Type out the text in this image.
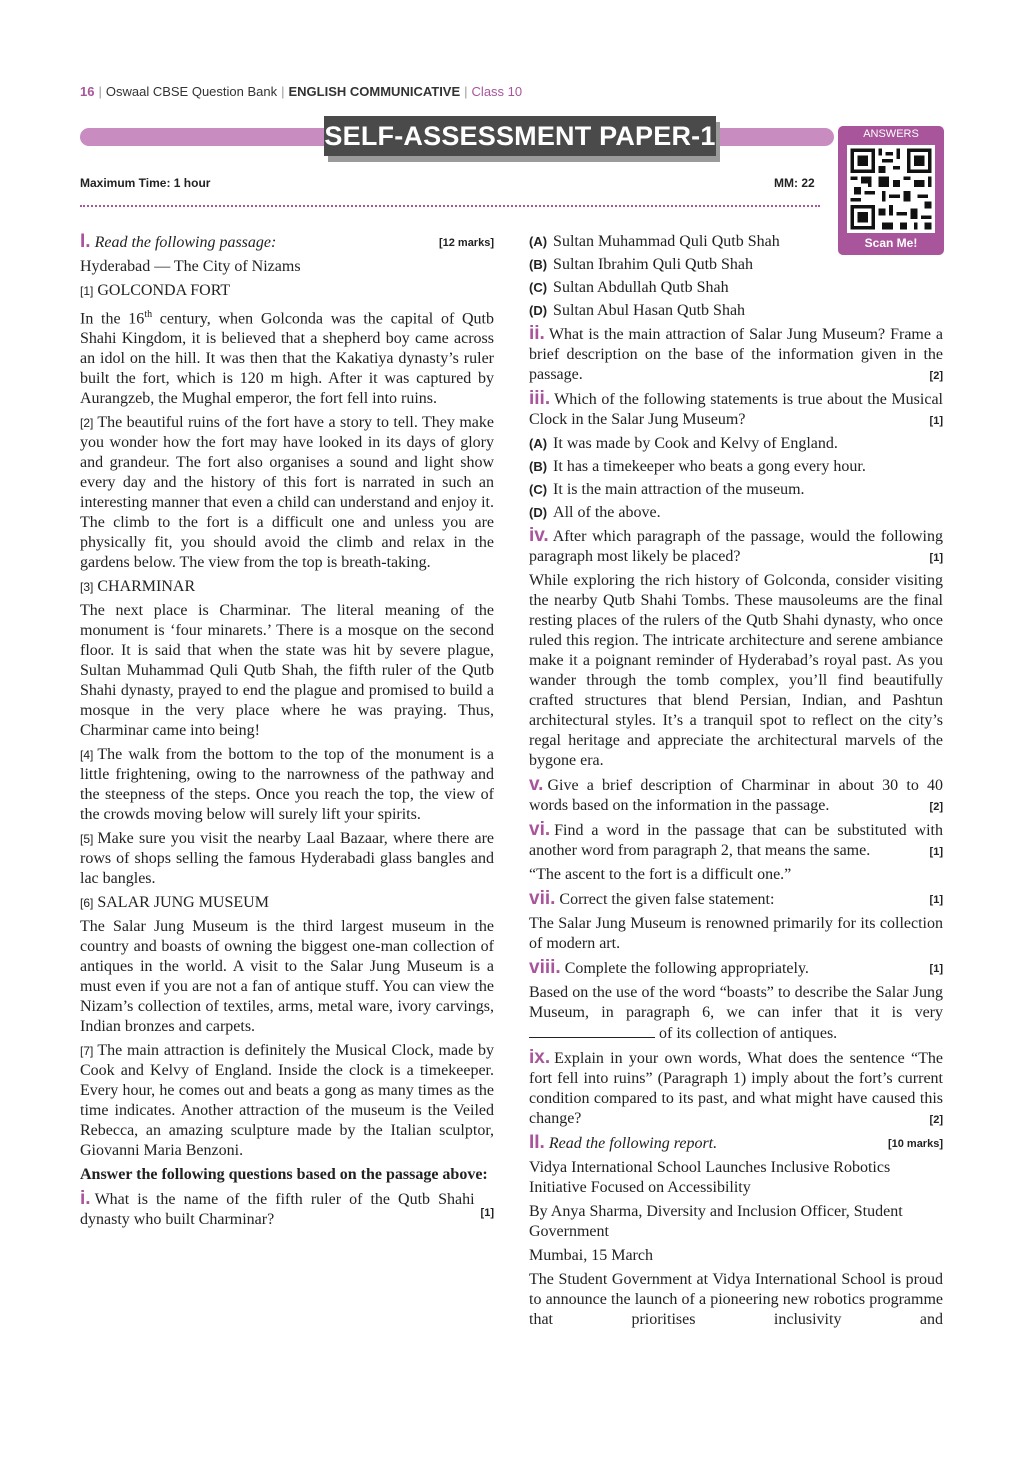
16 | Oswaal CBSE Question Bank | ENGLISH COMMUNICATIVE | Class 10
SELF-ASSESSMENT PAPER-1	ANSWERS
Scan Me!
Maximum Time: 1 hour	MM: 22

[12 marks]
I. Read the following passage:

Hyderabad — The City of Nizams

[1] GOLCONDA FORT

In the 16th century, when Golconda was the capital of Qutb Shahi Kingdom, it is believed that a shepherd boy came across an idol on the hill. It was then that the Kakatiya dynasty’s ruler built the fort, which is 120 m high. After it was captured by Aurangzeb, the Mughal emperor, the fort fell into ruins.

[2] The beautiful ruins of the fort have a story to tell. They make you wonder how the fort may have looked in its days of glory and grandeur. The fort also organises a sound and light show every day and the history of this fort is narrated in such an interesting manner that even a child can understand and enjoy it. The climb to the fort is a difficult one and unless you are physically fit, you should avoid the climb and relax in the gardens below. The view from the top is breath-taking.

[3] CHARMINAR

The next place is Charminar. The literal meaning of the monument is ‘four minarets.’ There is a mosque on the second floor. It is said that when the state was hit by severe plague, Sultan Muhammad Quli Qutb Shah, the fifth ruler of the Qutb Shahi dynasty, prayed to end the plague and promised to build a mosque in the very place where he was praying. Thus, Charminar came into being!

[4] The walk from the bottom to the top of the monument is a little frightening, owing to the narrowness of the pathway and the steepness of the steps. Once you reach the top, the view of the crowds moving below will surely lift your spirits.

[5] Make sure you visit the nearby Laal Bazaar, where there are rows of shops selling the famous Hyderabadi glass bangles and lac bangles.

[6] SALAR JUNG MUSEUM

The Salar Jung Museum is the third largest museum in the country and boasts of owning the biggest one-man collection of antiques in the world. A visit to the Salar Jung Museum is a must even if you are not a fan of antique stuff. You can view the Nizam’s collection of textiles, arms, metal ware, ivory carvings, Indian bronzes and carpets.

[7] The main attraction is definitely the Musical Clock, made by Cook and Kelvy of England. Inside the clock is a timekeeper. Every hour, he comes out and beats a gong as many times as the time indicates. Another attraction of the museum is the Veiled Rebecca, an amazing sculpture made by the Italian sculptor, Giovanni Maria Benzoni.

Answer the following questions based on the passage above:

[1]
i. What is the name of the fifth ruler of the Qutb Shahi dynasty who built Charminar?

(A) Sultan Muhammad Quli Qutb Shah

(B) Sultan Ibrahim Quli Qutb Shah

(C) Sultan Abdullah Qutb Shah

(D) Sultan Abul Hasan Qutb Shah

ii. What is the main attraction of Salar Jung Museum? Frame a brief description on the base of the information given in the passage.	[2]

iii. Which of the following statements is true about the Musical Clock in the Salar Jung Museum?	[1]

(A) It was made by Cook and Kelvy of England.

(B) It has a timekeeper who beats a gong every hour.

(C) It is the main attraction of the museum.

(D) All of the above.

iv. After which paragraph of the passage, would the following paragraph most likely be placed?	[1]

While exploring the rich history of Golconda, consider visiting the nearby Qutb Shahi Tombs. These mausoleums are the final resting places of the rulers of the Qutb Shahi dynasty, who once ruled this region. The intricate architecture and serene ambiance make it a poignant reminder of Hyderabad’s royal past. As you wander through the tomb complex, you’ll find beautifully crafted structures that blend Persian, Indian, and Pashtun architectural styles. It’s a tranquil spot to reflect on the city’s regal heritage and appreciate the architectural marvels of the bygone era.

v. Give a brief description of Charminar in about 30 to 40 words based on the information in the passage.	[2]

vi. Find a word in the passage that can be substituted with another word from paragraph 2, that means the same.	[1]

“The ascent to the fort is a difficult one.”

[1]
vii. Correct the given false statement:

The Salar Jung Museum is renowned primarily for its collection of modern art.

[1]
viii. Complete the following appropriately.

Based on the use of the word “boasts” to describe the Salar Jung Museum, in paragraph 6, we can infer that it is very  of its collection of antiques.

ix. Explain in your own words, What does the sentence “The fort fell into ruins” (Paragraph 1) imply about the fort’s current condition compared to its past, and what might have caused this change?	[2]

[10 marks]
II. Read the following report.

Vidya International School Launches Inclusive Robotics Initiative Focused on Accessibility

By Anya Sharma, Diversity and Inclusion Officer, Student Government

Mumbai, 15 March

The Student Government at Vidya International School is proud to announce the launch of a pioneering new robotics programme that prioritises inclusivity and
